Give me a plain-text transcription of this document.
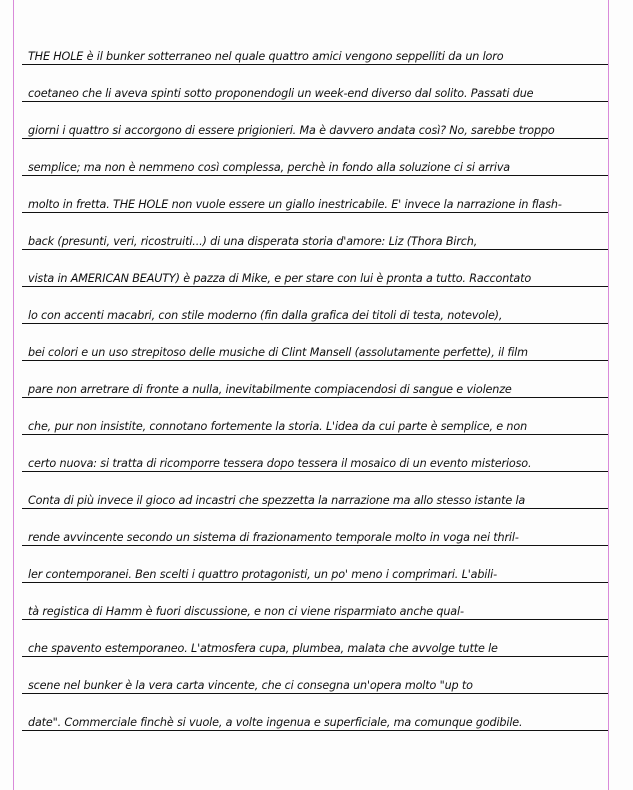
THE HOLE è il bunker sotterraneo nel quale quattro amici vengono seppelliti da un loro
coetaneo che li aveva spinti sotto proponendogli un week-end diverso dal solito. Passati due
giorni i quattro si accorgono di essere prigionieri. Ma è davvero andata così? No, sarebbe troppo
semplice; ma non è nemmeno così complessa, perchè in fondo alla soluzione ci si arriva
molto in fretta. THE HOLE non vuole essere un giallo inestricabile. E' invece la narrazione in flash-
back (presunti, veri, ricostruiti...) di una disperata storia d'amore: Liz (Thora Birch,
vista in AMERICAN BEAUTY) è pazza di Mike, e per stare con lui è pronta a tutto. Raccontato
lo con accenti macabri, con stile moderno (fin dalla grafica dei titoli di testa, notevole),
bei colori e un uso strepitoso delle musiche di Clint Mansell (assolutamente perfette), il film
pare non arretrare di fronte a nulla, inevitabilmente compiacendosi di sangue e violenze
che, pur non insistite, connotano fortemente la storia. L'idea da cui parte è semplice, e non
certo nuova: si tratta di ricomporre tessera dopo tessera il mosaico di un evento misterioso.
Conta di più invece il gioco ad incastri che spezzetta la narrazione ma allo stesso istante la
rende avvincente secondo un sistema di frazionamento temporale molto in voga nei thril-
ler contemporanei. Ben scelti i quattro protagonisti, un po' meno i comprimari. L'abili-
tà registica di Hamm è fuori discussione, e non ci viene risparmiato anche qual-
che spavento estemporaneo. L'atmosfera cupa, plumbea, malata che avvolge tutte le
scene nel bunker è la vera carta vincente, che ci consegna un'opera molto "up to
date". Commerciale finchè si vuole, a volte ingenua e superficiale, ma comunque godibile.
